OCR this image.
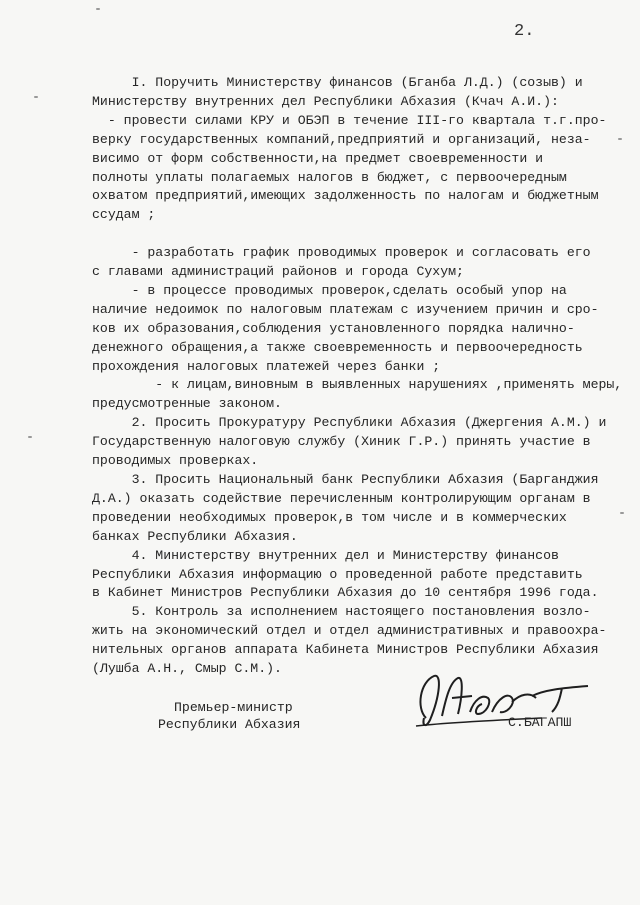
2.
I. Поручить Министерству финансов (Бганба Л.Д.) (созыв) и
Министерству внутренних дел Республики Абхазия (Кчач А.И.):
- провести силами КРУ и ОБЭП в течение III-го квартала т.г.про-
верку государственных компаний,предприятий и организаций, неза-
висимо от форм собственности,на предмет своевременности и
полноты уплаты полагаемых налогов в бюджет, с первоочередным
охватом предприятий,имеющих задолженность по налогам и бюджетным
ссудам ;
- разработать график проводимых проверок и согласовать его
с главами администраций районов и города Сухум;
- в процессе проводимых проверок,сделать особый упор на
наличие недоимок по налоговым платежам с изучением причин и сро-
ков их образования,соблюдения установленного порядка налично-
денежного обращения,а также своевременность и первоочередность
прохождения налоговых платежей через банки ;
- к лицам,виновным в выявленных нарушениях ,применять меры,
предусмотренные законом.
2. Просить Прокуратуру Республики Абхазия (Джергения А.М.) и
Государственную налоговую службу (Хиник Г.Р.) принять участие в
проводимых проверках.
3. Просить Национальный банк Республики Абхазия (Барганджия
Д.А.) оказать содействие перечисленным контролирующим органам в
проведении необходимых проверок,в том числе и в коммерческих
банках Республики Абхазия.
4. Министерству внутренних дел и Министерству финансов
Республики Абхазия информацию о проведенной работе представить
в Кабинет Министров Республики Абхазия до 10 сентября 1996 года.
5. Контроль за исполнением настоящего постановления возло-
жить на экономический отдел и отдел административных и правоохра-
нительных органов аппарата Кабинета Министров Республики Абхазия
(Лушба А.Н., Смыр С.М.).
Премьер-министр
Республики Абхазия	С.БАГАПШ
